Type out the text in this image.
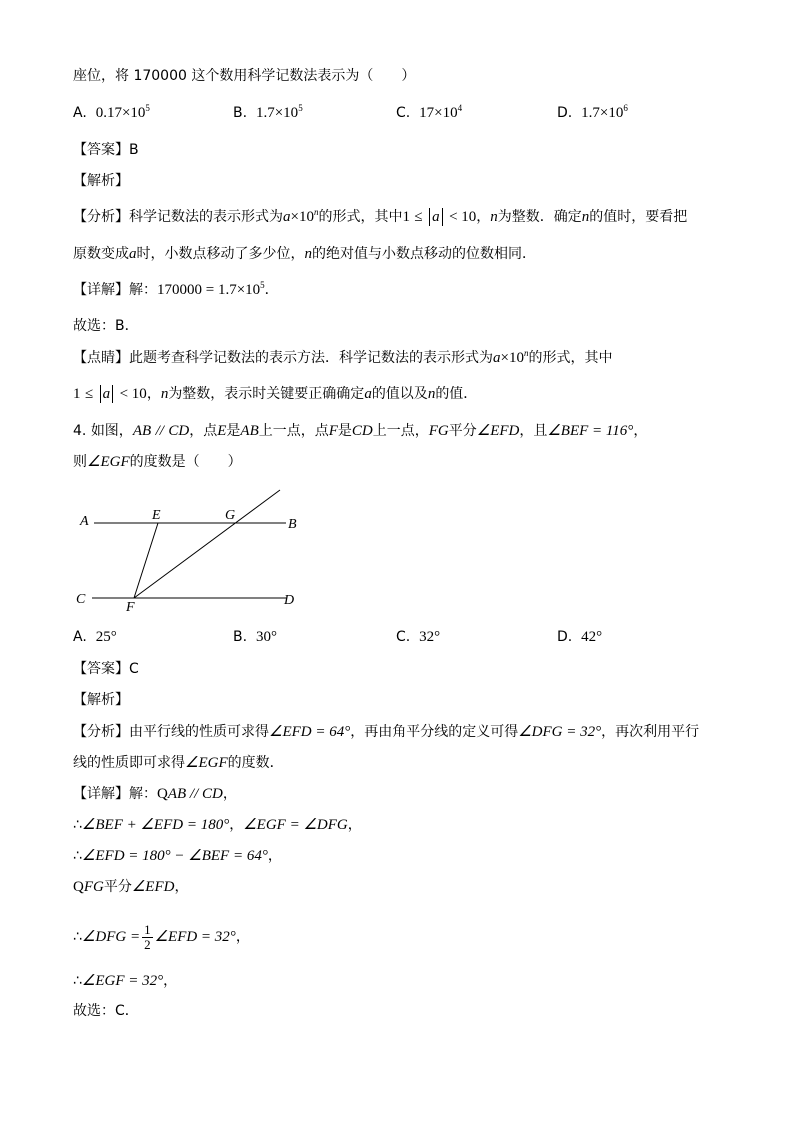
座位，将 170000 这个数用科学记数法表示为（　　）
A. $0.17\times 10^5$	B. $1.7\times 10^5$	C. $17\times 10^4$	D. $1.7\times 10^6$
【答案】B
【解析】
【分析】科学记数法的表示形式为$a\times 10^n$的形式，其中1 ≤ a < 10，n为整数．确定n的值时，要看把
原数变成a时，小数点移动了多少位，n的绝对值与小数点移动的位数相同．
【详解】解：$170000 = 1.7\times 10^5$．
故选：B．
【点睛】此题考查科学记数法的表示方法．科学记数法的表示形式为$a\times 10^n$的形式，其中
1 ≤ a < 10，n为整数，表示时关键要正确确定a的值以及n的值．
4. 如图，AB // CD，点E是AB上一点，点F是CD上一点，FG平分∠EFD，且∠BEF = 116°，
则∠EGF的度数是（　　）
A	E	G
B
C
F	D
A. 25°	B. 30°	C. 32°	D. 42°
【答案】C
【解析】
【分析】由平行线的性质可求得∠EFD = 64°，再由角平分线的定义可得∠DFG = 32°，再次利用平行
线的性质即可求得∠EGF的度数．
【详解】解：QAB // CD，
∴∠BEF + ∠EFD = 180°，∠EGF = ∠DFG，
∴∠EFD = 180° − ∠BEF = 64°，
QFG平分∠EFD，
∴∠DFG = $\frac{1}{2}$ ∠EFD = 32°，
∴∠EGF = 32°，
故选：C．
